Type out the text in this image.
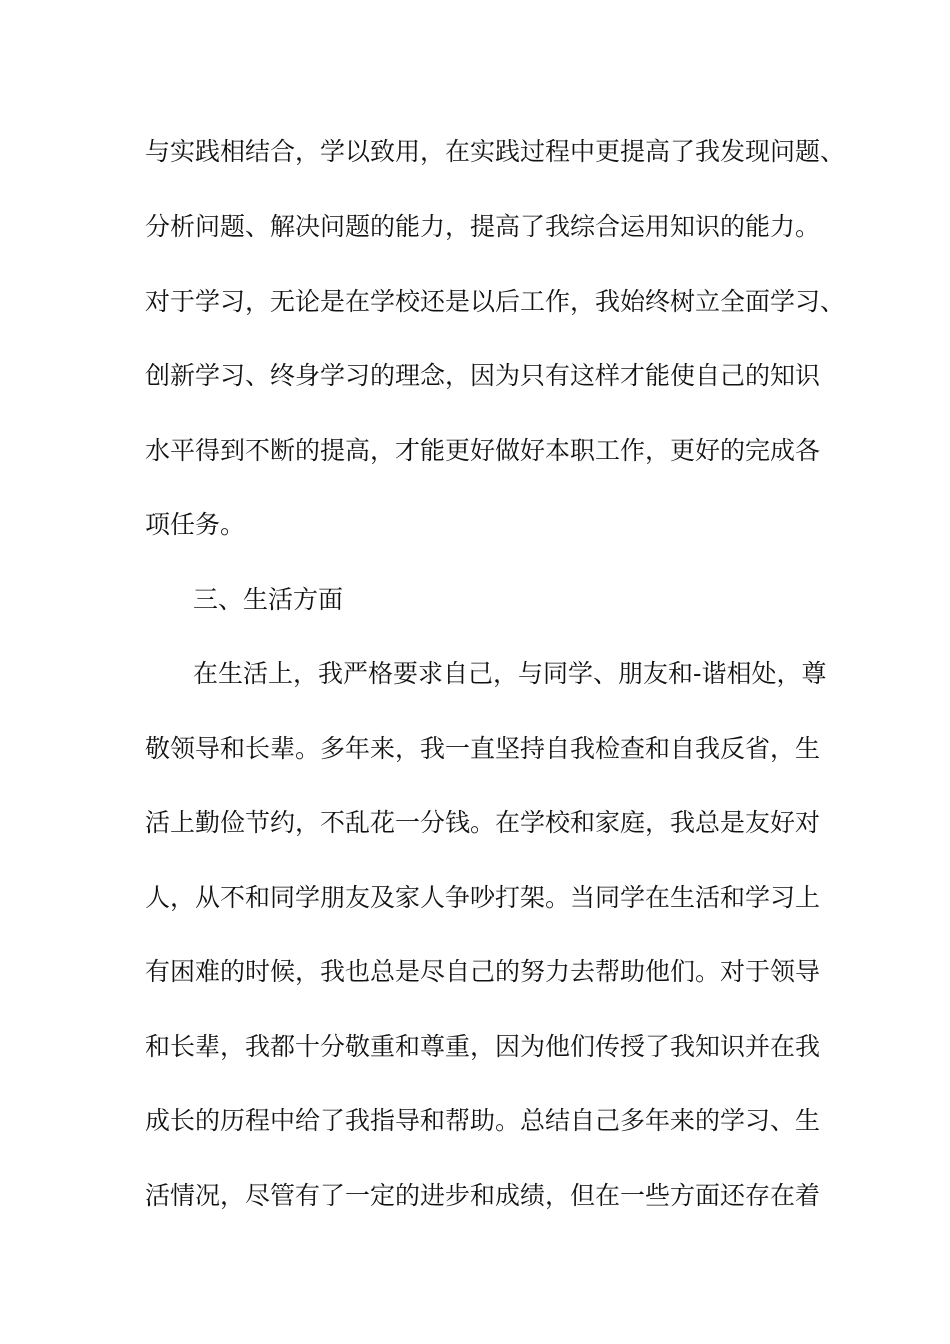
与实践相结合，学以致用，在实践过程中更提高了我发现问题、
分析问题、解决问题的能力，提高了我综合运用知识的能力。
对于学习，无论是在学校还是以后工作，我始终树立全面学习、
创新学习、终身学习的理念，因为只有这样才能使自己的知识
水平得到不断的提高，才能更好做好本职工作，更好的完成各
项任务。
三、生活方面
在生活上，我严格要求自己，与同学、朋友和-谐相处，尊
敬领导和长辈。多年来，我一直坚持自我检查和自我反省，生
活上勤俭节约，不乱花一分钱。在学校和家庭，我总是友好对
人，从不和同学朋友及家人争吵打架。当同学在生活和学习上
有困难的时候，我也总是尽自己的努力去帮助他们。对于领导
和长辈，我都十分敬重和尊重，因为他们传授了我知识并在我
成长的历程中给了我指导和帮助。总结自己多年来的学习、生
活情况，尽管有了一定的进步和成绩，但在一些方面还存在着
